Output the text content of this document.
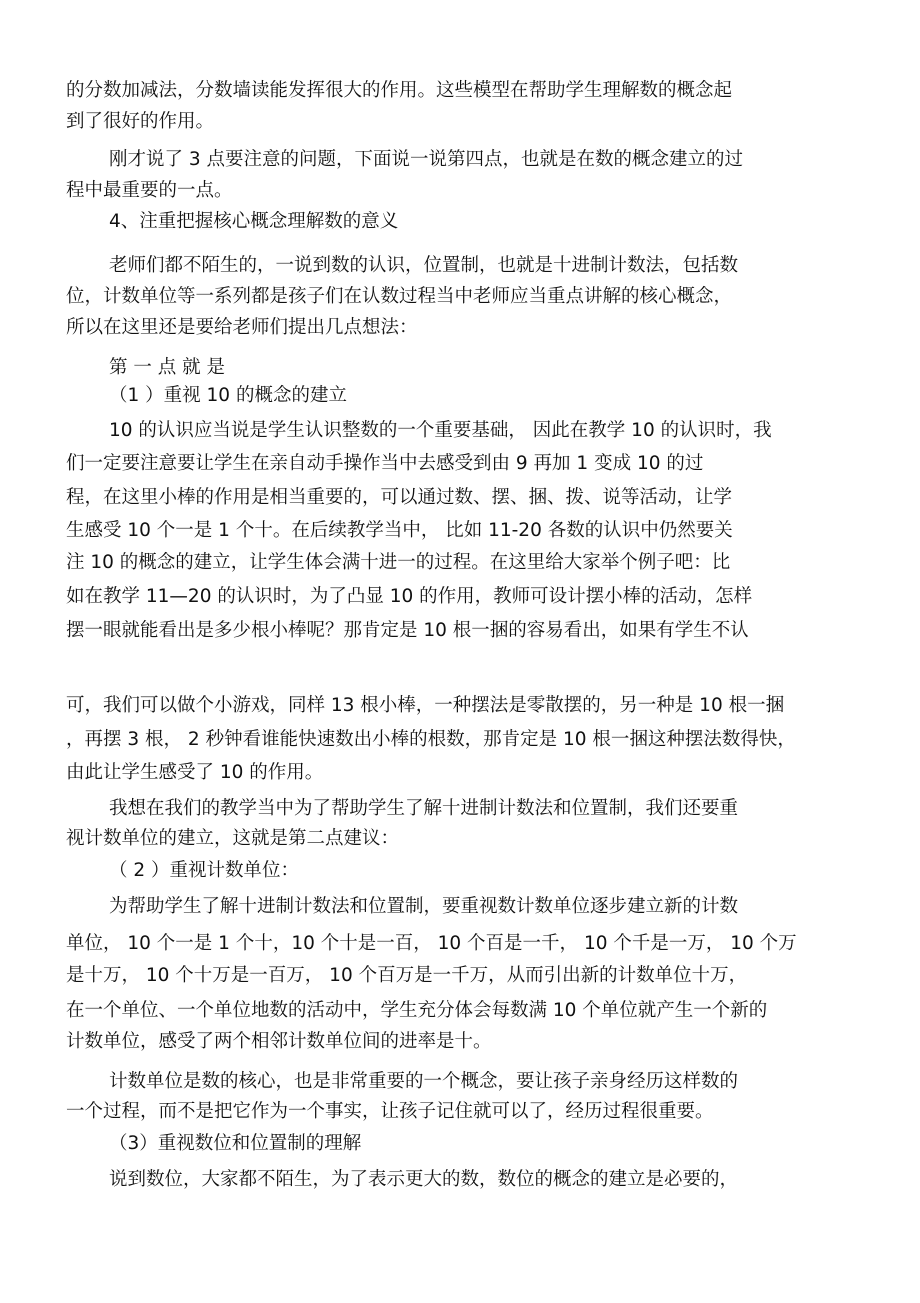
的分数加减法，分数墙读能发挥很大的作用。这些模型在帮助学生理解数的概念起
到了很好的作用。
刚才说了 3 点要注意的问题，下面说一说第四点，也就是在数的概念建立的过
程中最重要的一点。
4、注重把握核心概念理解数的意义
老师们都不陌生的，一说到数的认识，位置制，也就是十进制计数法，包括数
位，计数单位等一系列都是孩子们在认数过程当中老师应当重点讲解的核心概念，
所以在这里还是要给老师们提出几点想法：
第 一 点 就 是
（1 ）重视 10 的概念的建立
10 的认识应当说是学生认识整数的一个重要基础， 因此在教学 10 的认识时，我
们一定要注意要让学生在亲自动手操作当中去感受到由 9 再加 1 变成 10 的过
程，在这里小棒的作用是相当重要的，可以通过数、摆、捆、拨、说等活动，让学
生感受 10 个一是 1 个十。在后续教学当中， 比如 11-20 各数的认识中仍然要关
注 10 的概念的建立，让学生体会满十进一的过程。在这里给大家举个例子吧：比
如在教学 11—20 的认识时，为了凸显 10 的作用，教师可设计摆小棒的活动，怎样
摆一眼就能看出是多少根小棒呢？那肯定是 10 根一捆的容易看出，如果有学生不认
可，我们可以做个小游戏，同样 13 根小棒，一种摆法是零散摆的，另一种是 10 根一捆
，再摆 3 根， 2 秒钟看谁能快速数出小棒的根数，那肯定是 10 根一捆这种摆法数得快，
由此让学生感受了 10 的作用。
我想在我们的教学当中为了帮助学生了解十进制计数法和位置制，我们还要重
视计数单位的建立，这就是第二点建议：
（ 2 ）重视计数单位：
为帮助学生了解十进制计数法和位置制，要重视数计数单位逐步建立新的计数
单位， 10 个一是 1 个十，10 个十是一百， 10 个百是一千， 10 个千是一万， 10 个万
是十万， 10 个十万是一百万， 10 个百万是一千万，从而引出新的计数单位十万，
在一个单位、一个单位地数的活动中，学生充分体会每数满 10 个单位就产生一个新的
计数单位，感受了两个相邻计数单位间的进率是十。
计数单位是数的核心，也是非常重要的一个概念，要让孩子亲身经历这样数的
一个过程，而不是把它作为一个事实，让孩子记住就可以了，经历过程很重要。
（3）重视数位和位置制的理解
说到数位，大家都不陌生，为了表示更大的数，数位的概念的建立是必要的，
